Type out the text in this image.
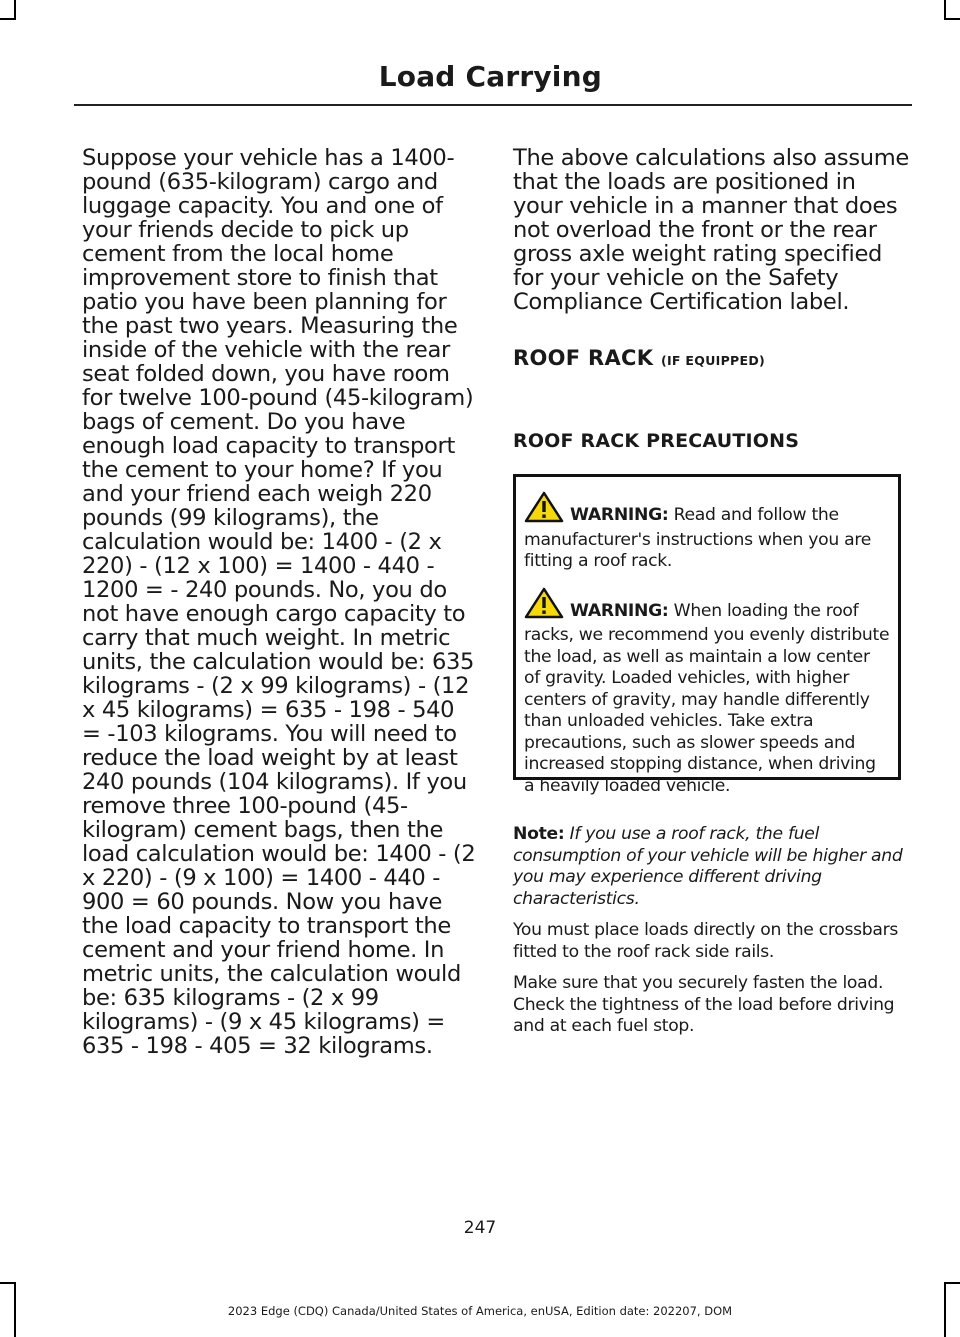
Load Carrying

Suppose your vehicle has a 1400-pound (635-kilogram) cargo and luggage capacity. You and one of your friends decide to pick up cement from the local home improvement store to finish that patio you have been planning for the past two years. Measuring the inside of the vehicle with the rear seat folded down, you have room for twelve 100-pound (45-kilogram) bags of cement. Do you have enough load capacity to transport the cement to your home? If you and your friend each weigh 220 pounds (99 kilograms), the calculation would be: 1400 - (2 x 220) - (12 x 100) = 1400 - 440 - 1200 = - 240 pounds. No, you do not have enough cargo capacity to carry that much weight. In metric units, the calculation would be: 635 kilograms - (2 x 99 kilograms) - (12 x 45 kilograms) = 635 - 198 - 540 = -103 kilograms. You will need to reduce the load weight by at least 240 pounds (104 kilograms). If you remove three 100-pound (45-kilogram) cement bags, then the load calculation would be: 1400 - (2 x 220) - (9 x 100) = 1400 - 440 - 900 = 60 pounds. Now you have the load capacity to transport the cement and your friend home. In metric units, the calculation would be: 635 kilograms - (2 x 99 kilograms) - (9 x 45 kilograms) = 635 - 198 - 405 = 32 kilograms.

The above calculations also assume that the loads are positioned in your vehicle in a manner that does not overload the front or the rear gross axle weight rating specified for your vehicle on the Safety Compliance Certification label.

ROOF RACK (IF EQUIPPED)
ROOF RACK PRECAUTIONS

WARNING: Read and follow the manufacturer's instructions when you are fitting a roof rack.

WARNING: When loading the roof racks, we recommend you evenly distribute the load, as well as maintain a low center of gravity. Loaded vehicles, with higher centers of gravity, may handle differently than unloaded vehicles. Take extra precautions, such as slower speeds and increased stopping distance, when driving a heavily loaded vehicle.

Note: If you use a roof rack, the fuel consumption of your vehicle will be higher and you may experience different driving characteristics.

You must place loads directly on the crossbars fitted to the roof rack side rails.

Make sure that you securely fasten the load. Check the tightness of the load before driving and at each fuel stop.

247
2023 Edge (CDQ) Canada/United States of America, enUSA, Edition date: 202207, DOM
